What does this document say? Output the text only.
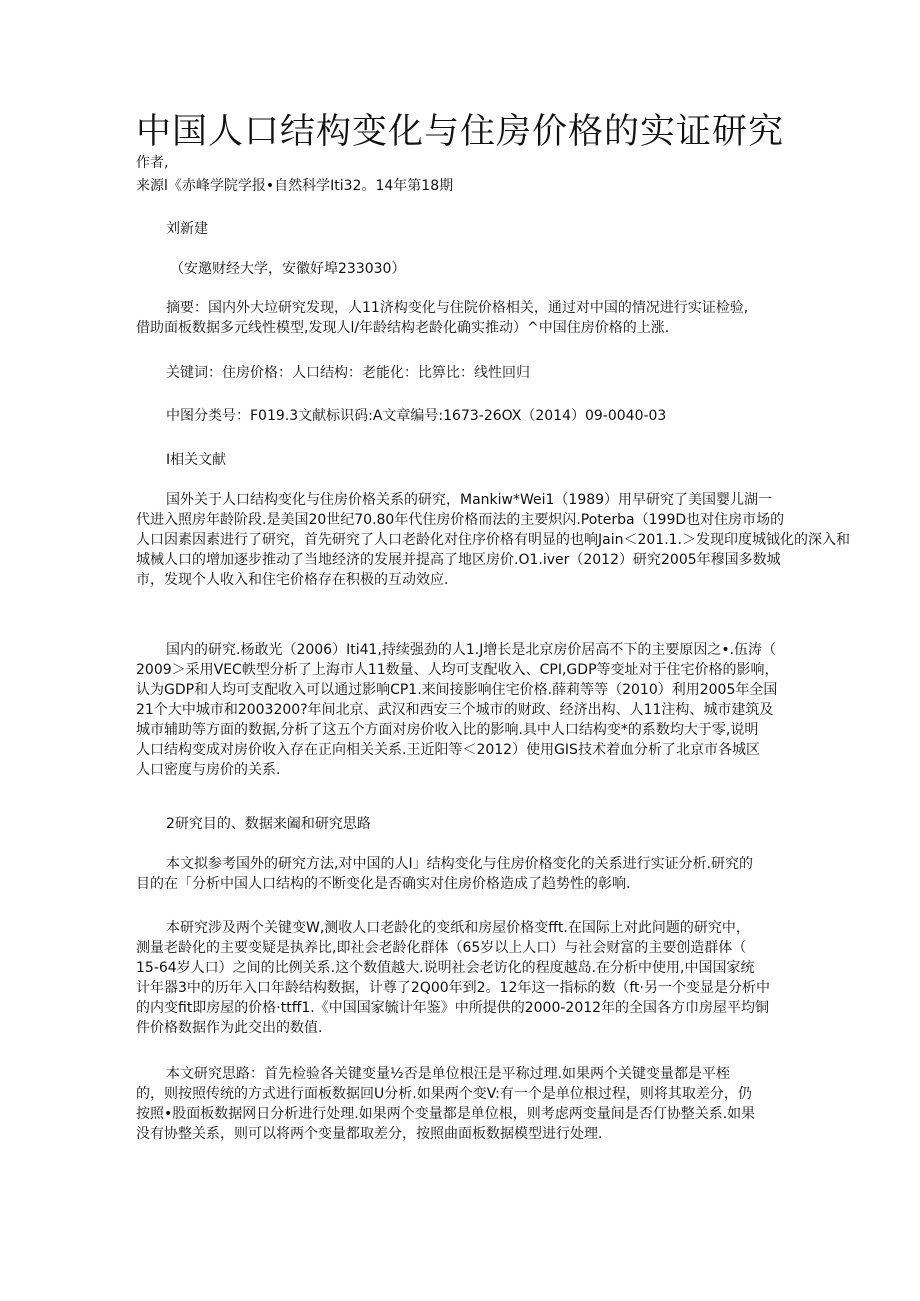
中国人口结构变化与住房价格的实证研究
作者,
来源l《赤峰学院学报•自然科学Iti32。14年第18期
刘新建
（安邀财经大学，安徽好埠233030）

摘要：国内外大垃研究发现，人11济构变化与住院价格相关，通过对中国的情况进行实证检验,
借助面板数据多元线性模型,发现人l/年龄结构老龄化确实推动）^中国住房价格的上涨.

关键词：住房价格：人口结构：老能化：比箅比：线性回归
中图分类号：F019.3文献标识码:A文章编号:1673-26OX（2014）09-0040-03
I相关文献

国外关于人口结构变化与住房价格关系的研究，Mankiw*Wei1（1989）用早研究了美国婴儿湖一
代进入照房年龄阶段.是美国20世纪70.80年代住房价格而法的主要炽闪.Poterba（199D也对住房市场的
人口因素因素进行了研究，首先研究了人口老龄化对住序价格有明显的也响Jain＜201.1.＞发现印度城钺化的深入和
城械人口的增加逐步推动了当地经济的发展并提高了地区房价.O1.iver（2012）研究2005年穆国多数城
市，发现个人收入和住宅价格存在积极的互动效应.

国内的研究.杨敢光（2006）Iti41,持续强劲的人1.J增长是北京房价居高不下的主要原因之•.伍涛（
2009＞采用VEC帙型分析了上海市人11数量、人均可支配收入、CPI,GDP等变址对于住宅价格的影响，
认为GDP和人均可支配收入可以通过影响CP1.来间接影响住宅价格.薛莉等等（2010）利用2005年全国
21个大中城市和2003200?年间北京、武汉和西安三个城市的财政、经济出构、人11注构、城市建筑及
城市辅助等方面的数据,分析了这五个方面对房价收入比的影响.具中人口结构变*的系数均大于零,说明
人口结构变成对房价收入存在正向相关关系.王近阳等＜2012）使用GIS技术着血分析了北京市各城区
人口密度与房价的关系.

2研究目的、数据来阖和研究思路

本文拟参考国外的研究方法,对中国的人I」结构变化与住房价格变化的关系进行实证分析.研究的
目的在「分析中国人口结构的不断变化是否确实对住房价格造成了趋势性的彰响.

本研究涉及两个关键变W,测收人口老龄化的变纸和房屋价格变fft.在国际上对此问题的研究中，
测量老龄化的主要变疑是执养比,即社会老龄化群体（65岁以上人口）与社会财富的主要创造群体（
15-64岁人口）之间的比例关系.这个数值越大.说明社会老访化的程度越岛.在分析中使用,中国国家统
计年器3中的历年入口年龄结构数据，计尊了2Q00年到2。12年这一指标的数（ft·另一个变显是分析中
的内变fit即房屋的价格·ttff1.《中国国家毓计年鉴》中所提供的2000-2012年的全国各方巾房屋平均铜
件价格数据作为此交出的数值.

本文研究思路：首先检验各关键变量½否是单位根汪是平称过理.如果两个关键变量都是平桎
的，则按照传统的方式进行面板数据回U分析.如果两个变V:有一个是单位根过程，则将其取差分，仍
按照•股面板数据网日分析进行处理.如果两个变量都是单位根，则考虑两变量间是否仃协整关系.如果
没有协整关系，则可以将两个变量都取差分，按照曲面板数据模型进行处理.
